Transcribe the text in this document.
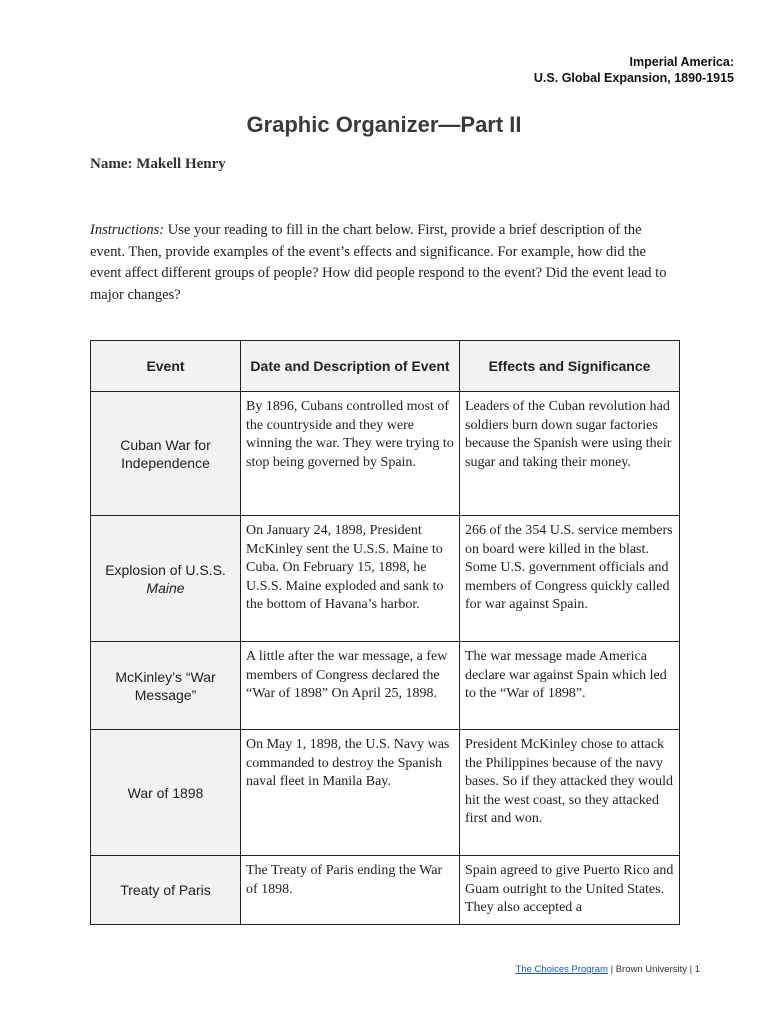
Imperial America:
U.S. Global Expansion, 1890-1915
Graphic Organizer—Part II
Name: Makell Henry
Instructions: Use your reading to fill in the chart below. First, provide a brief description of the event. Then, provide examples of the event’s effects and significance. For example, how did the event affect different groups of people? How did people respond to the event? Did the event lead to major changes?
Event	Date and Description of Event	Effects and Significance
Cuban War for Independence	By 1896, Cubans controlled most of the countryside and they were winning the war. They were trying to stop being governed by Spain.	Leaders of the Cuban revolution had soldiers burn down sugar factories because the Spanish were using their sugar and taking their money.
Explosion of U.S.S.
Maine	On January 24, 1898, President McKinley sent the U.S.S. Maine to Cuba. On February 15, 1898, he U.S.S. Maine exploded and sank to the bottom of Havana’s harbor.	266 of the 354 U.S. service members on board were killed in the blast. Some U.S. government officials and members of Congress quickly called for war against Spain.
McKinley’s “War Message”	A little after the war message, a few members of Congress declared the “War of 1898” On April 25, 1898.	The war message made America declare war against Spain which led to the “War of 1898”.
War of 1898	On May 1, 1898, the U.S. Navy was commanded to destroy the Spanish naval fleet in Manila Bay.	President McKinley chose to attack the Philippines because of the navy bases. So if they attacked they would hit the west coast, so they attacked first and won.
Treaty of Paris	The Treaty of Paris ending the War of 1898.	Spain agreed to give Puerto Rico and Guam outright to the United States. They also accepted a
The Choices Program | Brown University | 1
